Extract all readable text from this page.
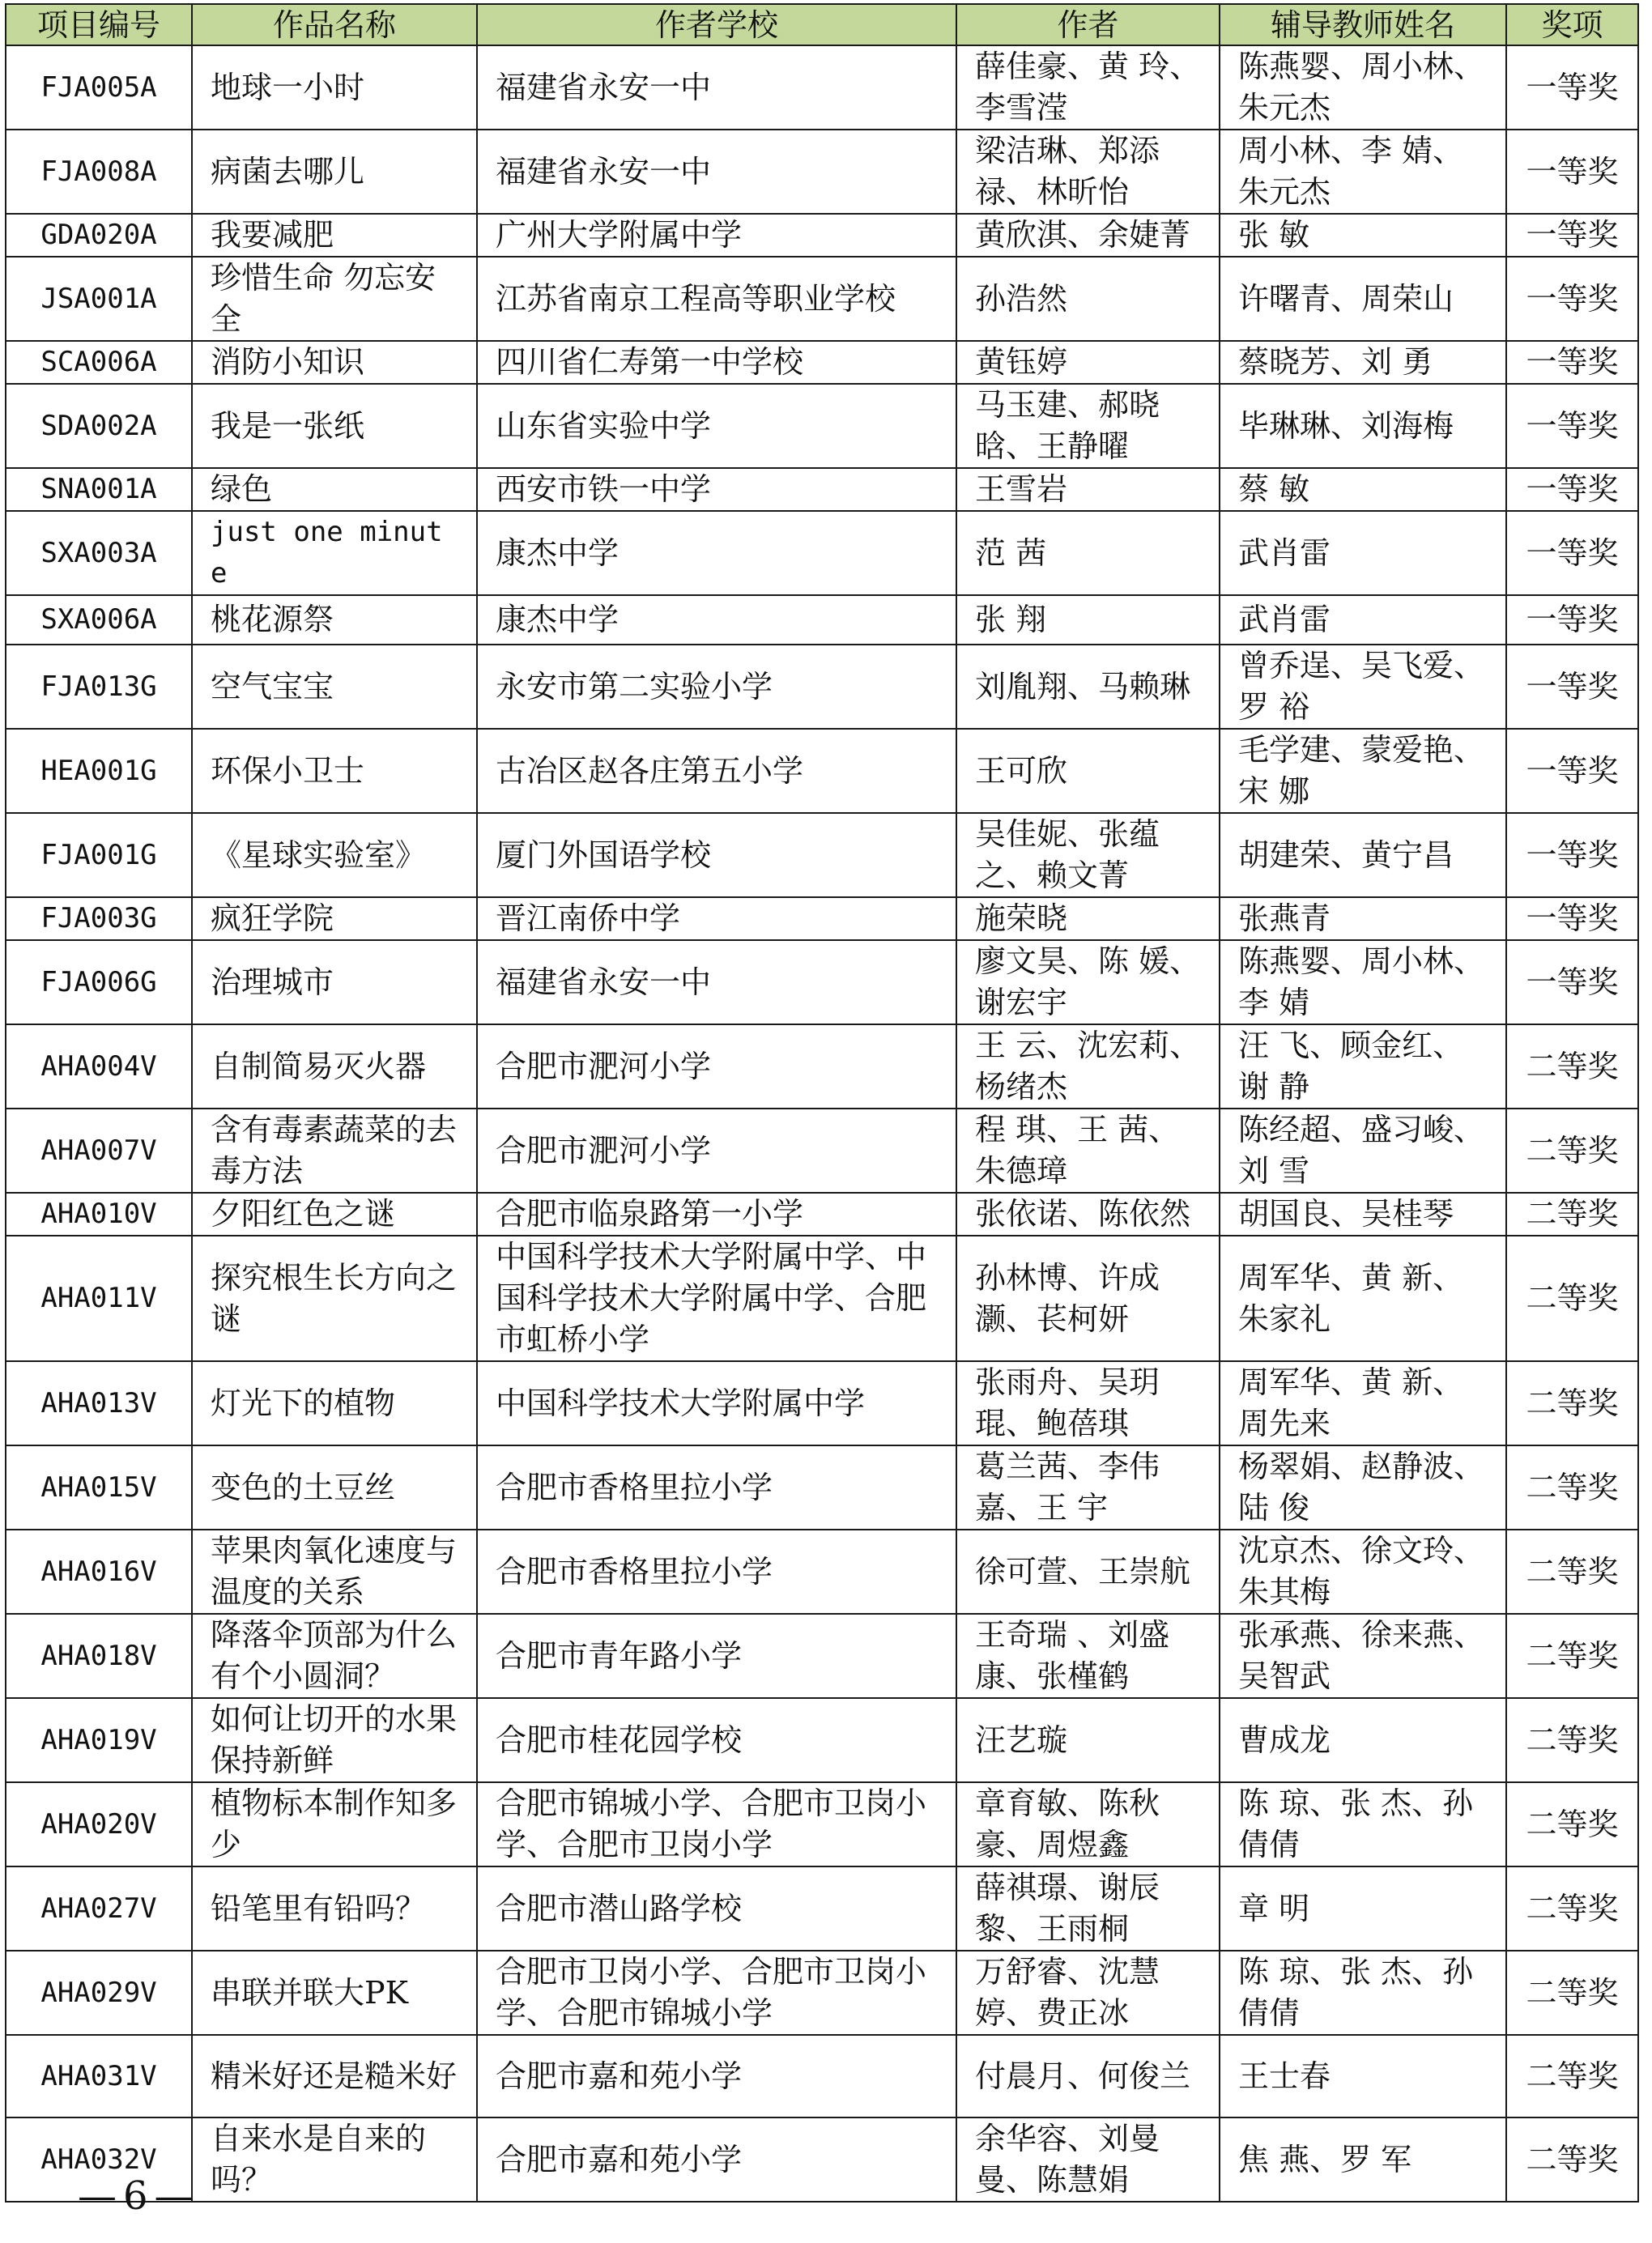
项目编号	作品名称	作者学校	作者	辅导教师姓名	奖项
FJA005A	地球一小时	福建省永安一中	薛佳豪、黄 玲、李雪滢	陈燕婴、周小林、朱元杰	一等奖
FJA008A	病菌去哪儿	福建省永安一中	梁洁琳、郑添禄、林昕怡	周小林、李 婧、朱元杰	一等奖
GDA020A	我要减肥	广州大学附属中学	黄欣淇、余婕菁	张 敏	一等奖
JSA001A	珍惜生命 勿忘安全	江苏省南京工程高等职业学校	孙浩然	许曙青、周荣山	一等奖
SCA006A	消防小知识	四川省仁寿第一中学校	黄钰婷	蔡晓芳、刘 勇	一等奖
SDA002A	我是一张纸	山东省实验中学	马玉建、郝晓晗、王静曜	毕琳琳、刘海梅	一等奖
SNA001A	绿色	西安市铁一中学	王雪岩	蔡 敏	一等奖
SXA003A	just one minute	康杰中学	范 茜	武肖雷	一等奖
SXA006A	桃花源祭	康杰中学	张 翔	武肖雷	一等奖
FJA013G	空气宝宝	永安市第二实验小学	刘胤翔、马赖琳	曾乔逞、吴飞爱、罗 裕	一等奖
HEA001G	环保小卫士	古冶区赵各庄第五小学	王可欣	毛学建、蒙爱艳、宋 娜	一等奖
FJA001G	《星球实验室》	厦门外国语学校	吴佳妮、张蕴之、赖文菁	胡建荣、黄宁昌	一等奖
FJA003G	疯狂学院	晋江南侨中学	施荣晓	张燕青	一等奖
FJA006G	治理城市	福建省永安一中	廖文昊、陈 媛、谢宏宇	陈燕婴、周小林、李 婧	一等奖
AHA004V	自制简易灭火器	合肥市淝河小学	王 云、沈宏莉、杨绪杰	汪 飞、顾金红、谢 静	二等奖
AHA007V	含有毒素蔬菜的去毒方法	合肥市淝河小学	程 琪、王 茜、朱德璋	陈经超、盛习峻、刘 雪	二等奖
AHA010V	夕阳红色之谜	合肥市临泉路第一小学	张依诺、陈依然	胡国良、吴桂琴	二等奖
AHA011V	探究根生长方向之谜	中国科学技术大学附属中学、中国科学技术大学附属中学、合肥市虹桥小学	孙林博、许成灏、苌柯妍	周军华、黄 新、朱家礼	二等奖
AHA013V	灯光下的植物	中国科学技术大学附属中学	张雨舟、吴玥琨、鲍蓓琪	周军华、黄 新、周先来	二等奖
AHA015V	变色的土豆丝	合肥市香格里拉小学	葛兰茜、李伟嘉、王 宇	杨翠娟、赵静波、陆 俊	二等奖
AHA016V	苹果肉氧化速度与温度的关系	合肥市香格里拉小学	徐可萱、王崇航	沈京杰、徐文玲、朱其梅	二等奖
AHA018V	降落伞顶部为什么有个小圆洞？	合肥市青年路小学	王奇瑞 、刘盛康、张槿鹤	张承燕、徐来燕、吴智武	二等奖
AHA019V	如何让切开的水果保持新鲜	合肥市桂花园学校	汪艺璇	曹成龙	二等奖
AHA020V	植物标本制作知多少	合肥市锦城小学、合肥市卫岗小学、合肥市卫岗小学	章育敏、陈秋豪、周煜鑫	陈 琼、张 杰、孙倩倩	二等奖
AHA027V	铅笔里有铅吗？	合肥市潜山路学校	薛祺璟、谢辰黎、王雨桐	章 明	二等奖
AHA029V	串联并联大PK	合肥市卫岗小学、合肥市卫岗小学、合肥市锦城小学	万舒睿、沈慧婷、费正冰	陈 琼、张 杰、孙倩倩	二等奖
AHA031V	精米好还是糙米好	合肥市嘉和苑小学	付晨月、何俊兰	王士春	二等奖
AHA032V	自来水是自来的吗？	合肥市嘉和苑小学	余华容、刘曼曼、陈慧娟	焦 燕、罗 军	二等奖
—6—
